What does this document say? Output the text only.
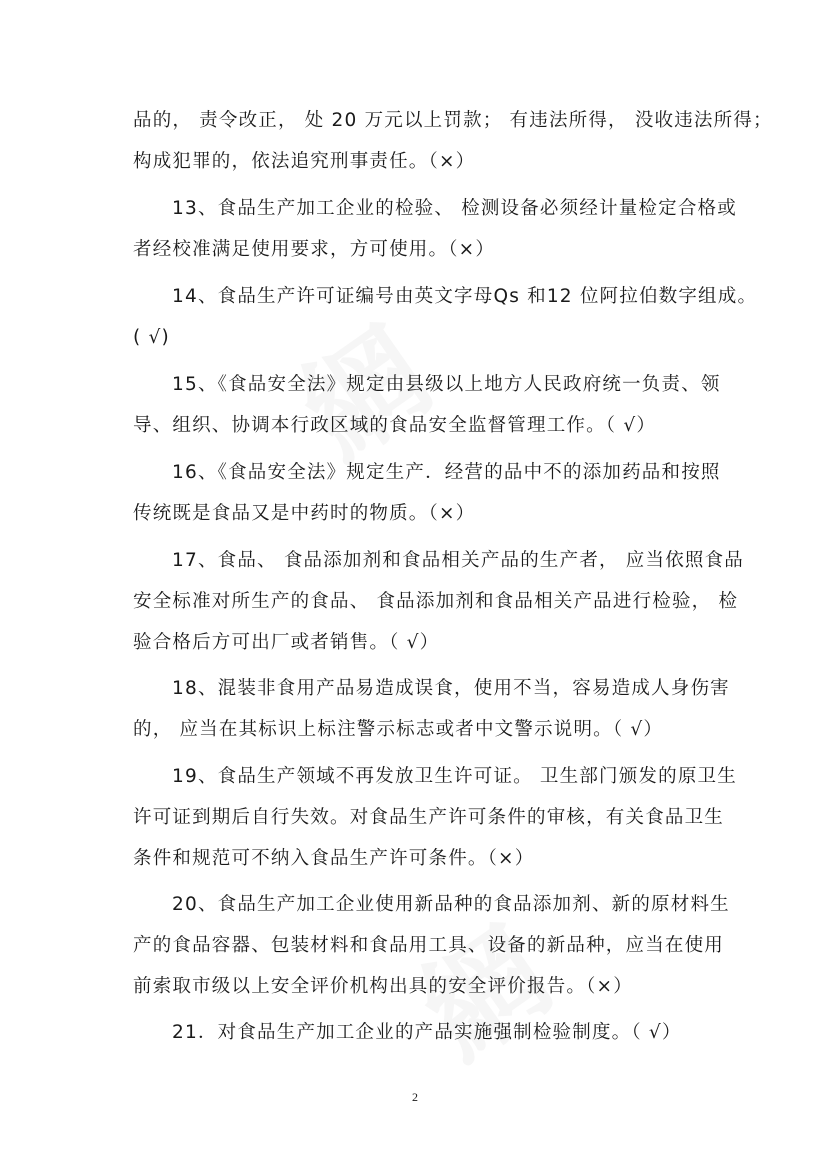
品的， 责令改正， 处 20 万元以上罚款； 有违法所得， 没收违法所得；
构成犯罪的，依法追究刑事责任。（×）
13、食品生产加工企业的检验、 检测设备必须经计量检定合格或
者经校准满足使用要求，方可使用。（×）
14、食品生产许可证编号由英文字母Qs 和12 位阿拉伯数字组成。
( √)
15、《食品安全法》规定由县级以上地方人民政府统一负责、领
导、组织、协调本行政区域的食品安全监督管理工作。（ √）
16、《食品安全法》规定生产．经营的品中不的添加药品和按照
传统既是食品又是中药时的物质。（×）
17、食品、 食品添加剂和食品相关产品的生产者， 应当依照食品
安全标准对所生产的食品、 食品添加剂和食品相关产品进行检验， 检
验合格后方可出厂或者销售。（ √）
18、混装非食用产品易造成误食，使用不当，容易造成人身伤害
的， 应当在其标识上标注警示标志或者中文警示说明。（ √）
19、食品生产领域不再发放卫生许可证。 卫生部门颁发的原卫生
许可证到期后自行失效。对食品生产许可条件的审核，有关食品卫生
条件和规范可不纳入食品生产许可条件。（×）
20、食品生产加工企业使用新品种的食品添加剂、新的原材料生
产的食品容器、包装材料和食品用工具、设备的新品种，应当在使用
前索取市级以上安全评价机构出具的安全评价报告。（×）
21．对食品生产加工企业的产品实施强制检验制度。（ √）
2
